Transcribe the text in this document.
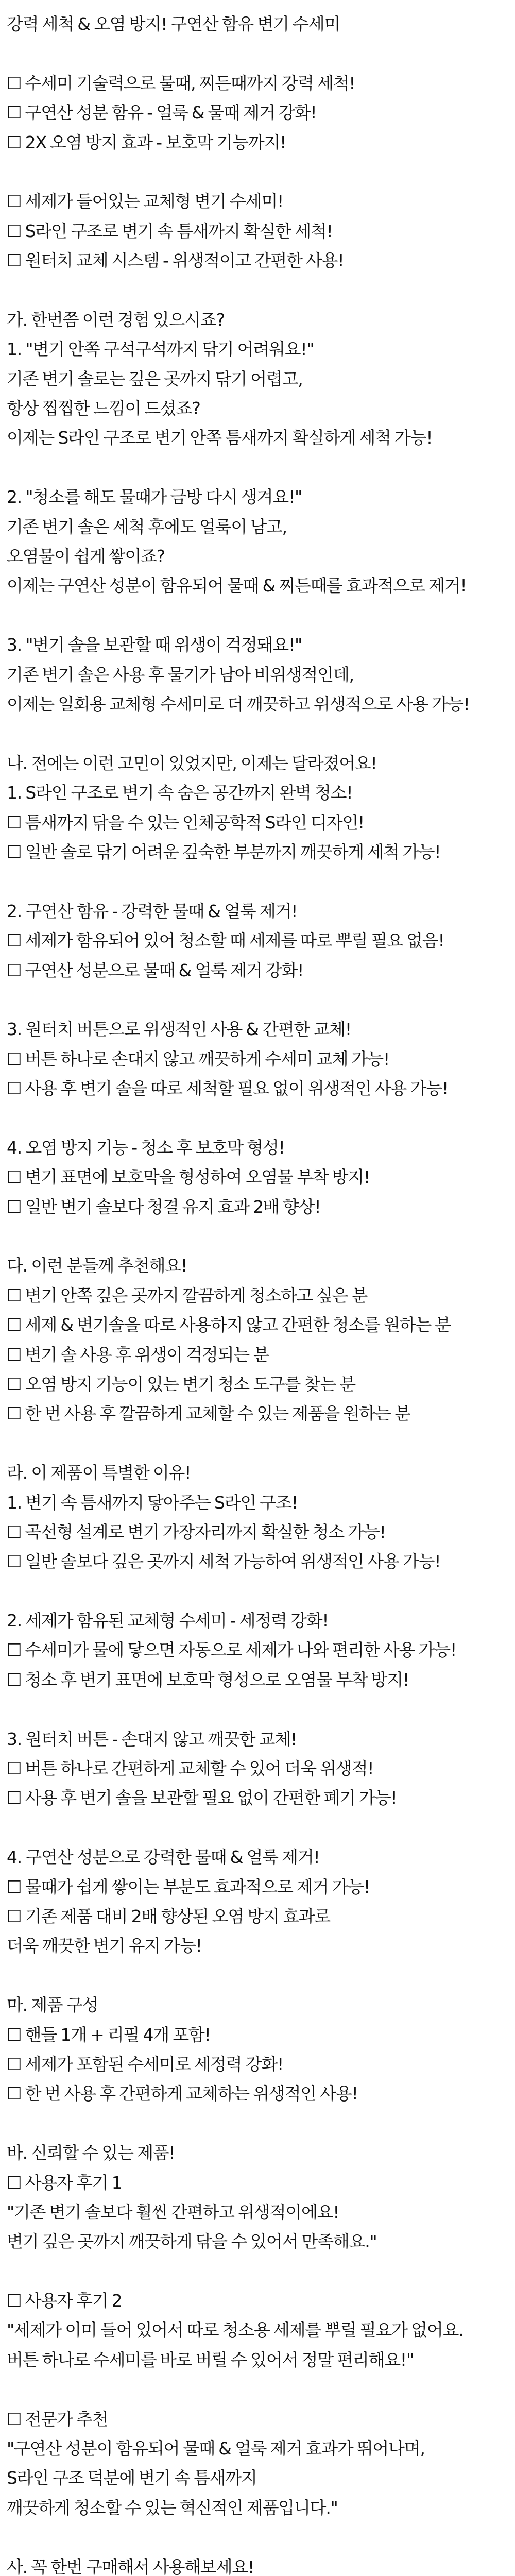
강력 세척 & 오염 방지! 구연산 함유 변기 수세미
☐ 수세미 기술력으로 물때, 찌든때까지 강력 세척!
☐ 구연산 성분 함유 - 얼룩 & 물때 제거 강화!
☐ 2X 오염 방지 효과 - 보호막 기능까지!
☐ 세제가 들어있는 교체형 변기 수세미!
☐ S라인 구조로 변기 속 틈새까지 확실한 세척!
☐ 원터치 교체 시스템 - 위생적이고 간편한 사용!
가. 한번쯤 이런 경험 있으시죠?
1. "변기 안쪽 구석구석까지 닦기 어려워요!"
기존 변기 솔로는 깊은 곳까지 닦기 어렵고,
항상 찝찝한 느낌이 드셨죠?
이제는 S라인 구조로 변기 안쪽 틈새까지 확실하게 세척 가능!
2. "청소를 해도 물때가 금방 다시 생겨요!"
기존 변기 솔은 세척 후에도 얼룩이 남고,
오염물이 쉽게 쌓이죠?
이제는 구연산 성분이 함유되어 물때 & 찌든때를 효과적으로 제거!
3. "변기 솔을 보관할 때 위생이 걱정돼요!"
기존 변기 솔은 사용 후 물기가 남아 비위생적인데,
이제는 일회용 교체형 수세미로 더 깨끗하고 위생적으로 사용 가능!
나. 전에는 이런 고민이 있었지만, 이제는 달라졌어요!
1. S라인 구조로 변기 속 숨은 공간까지 완벽 청소!
☐ 틈새까지 닦을 수 있는 인체공학적 S라인 디자인!
☐ 일반 솔로 닦기 어려운 깊숙한 부분까지 깨끗하게 세척 가능!
2. 구연산 함유 - 강력한 물때 & 얼룩 제거!
☐ 세제가 함유되어 있어 청소할 때 세제를 따로 뿌릴 필요 없음!
☐ 구연산 성분으로 물때 & 얼룩 제거 강화!
3. 원터치 버튼으로 위생적인 사용 & 간편한 교체!
☐ 버튼 하나로 손대지 않고 깨끗하게 수세미 교체 가능!
☐ 사용 후 변기 솔을 따로 세척할 필요 없이 위생적인 사용 가능!
4. 오염 방지 기능 - 청소 후 보호막 형성!
☐ 변기 표면에 보호막을 형성하여 오염물 부착 방지!
☐ 일반 변기 솔보다 청결 유지 효과 2배 향상!
다. 이런 분들께 추천해요!
☐ 변기 안쪽 깊은 곳까지 깔끔하게 청소하고 싶은 분
☐ 세제 & 변기솔을 따로 사용하지 않고 간편한 청소를 원하는 분
☐ 변기 솔 사용 후 위생이 걱정되는 분
☐ 오염 방지 기능이 있는 변기 청소 도구를 찾는 분
☐ 한 번 사용 후 깔끔하게 교체할 수 있는 제품을 원하는 분
라. 이 제품이 특별한 이유!
1. 변기 속 틈새까지 닿아주는 S라인 구조!
☐ 곡선형 설계로 변기 가장자리까지 확실한 청소 가능!
☐ 일반 솔보다 깊은 곳까지 세척 가능하여 위생적인 사용 가능!
2. 세제가 함유된 교체형 수세미 - 세정력 강화!
☐ 수세미가 물에 닿으면 자동으로 세제가 나와 편리한 사용 가능!
☐ 청소 후 변기 표면에 보호막 형성으로 오염물 부착 방지!
3. 원터치 버튼 - 손대지 않고 깨끗한 교체!
☐ 버튼 하나로 간편하게 교체할 수 있어 더욱 위생적!
☐ 사용 후 변기 솔을 보관할 필요 없이 간편한 폐기 가능!
4. 구연산 성분으로 강력한 물때 & 얼룩 제거!
☐ 물때가 쉽게 쌓이는 부분도 효과적으로 제거 가능!
☐ 기존 제품 대비 2배 향상된 오염 방지 효과로
더욱 깨끗한 변기 유지 가능!
마. 제품 구성
☐ 핸들 1개 + 리필 4개 포함!
☐ 세제가 포함된 수세미로 세정력 강화!
☐ 한 번 사용 후 간편하게 교체하는 위생적인 사용!
바. 신뢰할 수 있는 제품!
☐ 사용자 후기 1
"기존 변기 솔보다 훨씬 간편하고 위생적이에요!
변기 깊은 곳까지 깨끗하게 닦을 수 있어서 만족해요."
☐ 사용자 후기 2
"세제가 이미 들어 있어서 따로 청소용 세제를 뿌릴 필요가 없어요.
버튼 하나로 수세미를 바로 버릴 수 있어서 정말 편리해요!"
☐ 전문가 추천
"구연산 성분이 함유되어 물때 & 얼룩 제거 효과가 뛰어나며,
S라인 구조 덕분에 변기 속 틈새까지
깨끗하게 청소할 수 있는 혁신적인 제품입니다."
사. 꼭 한번 구매해서 사용해보세요!
